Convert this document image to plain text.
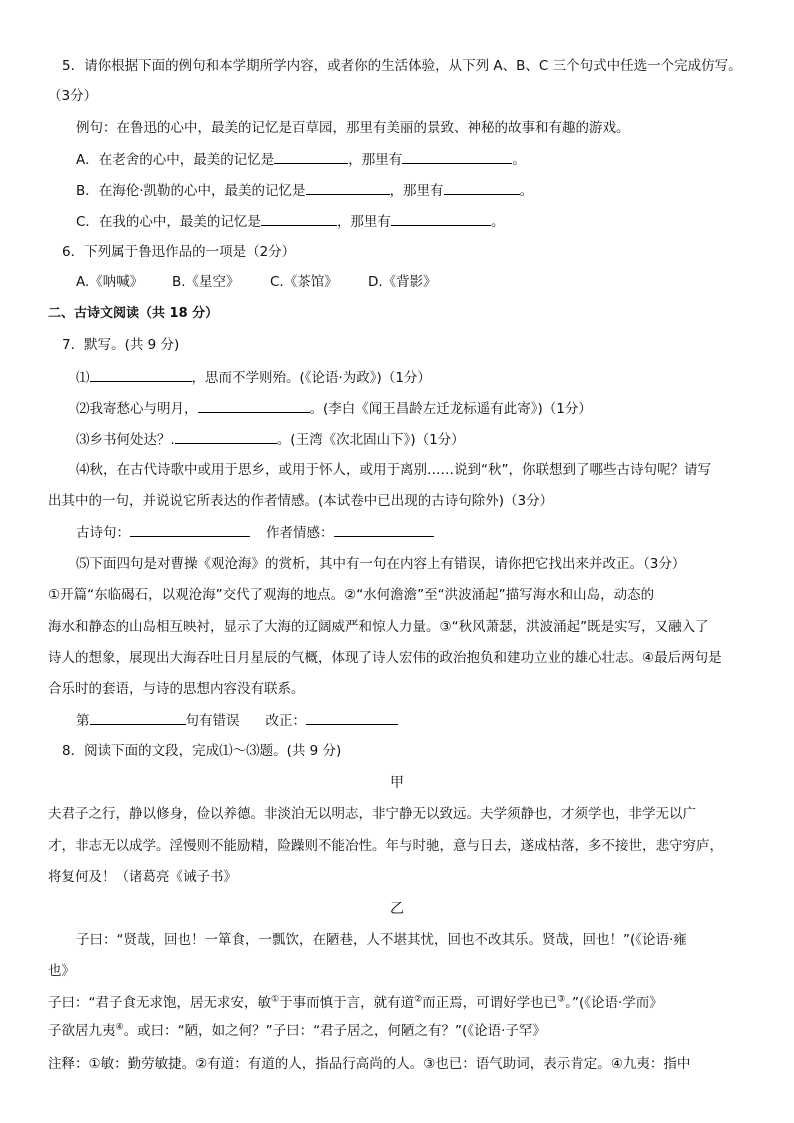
5．请你根据下面的例句和本学期所学内容，或者你的生活体验，从下列 A、B、C 三个句式中任选一个完成仿写。
（3分）
例句：在鲁迅的心中，最美的记忆是百草园，那里有美丽的景致、神秘的故事和有趣的游戏。
A．在老舍的心中，最美的记忆是	，那里有	。
B．在海伦·凯勒的心中，最美的记忆是	，那里有	。
C．在我的心中，最美的记忆是	，那里有	。
6．下列属于鲁迅作品的一项是（2分）
A.《呐喊》 B.《星空》 C.《茶馆》 D.《背影》
二、古诗文阅读（共 18 分）
7．默写。(共 9 分)
⑴	，思而不学则殆。(《论语·为政》)（1分）
⑵我寄愁心与明月，	。(李白《闻王昌龄左迁龙标遥有此寄》)（1分）
⑶乡书何处达？.	。(王湾《次北固山下》)（1分）
⑷秋，在古代诗歌中或用于思乡，或用于怀人，或用于离别……说到“秋”，你联想到了哪些古诗句呢？请写
出其中的一句，并说说它所表达的作者情感。(本试卷中已出现的古诗句除外)（3分）
古诗句：	作者情感：
⑸下面四句是对曹操《观沧海》的赏析，其中有一句在内容上有错误，请你把它找出来并改正。（3分）
①开篇“东临碣石，以观沧海”交代了观海的地点。②“水何澹澹”至“洪波涌起”描写海水和山岛，动态的
海水和静态的山岛相互映衬，显示了大海的辽阔威严和惊人力量。③“秋风萧瑟，洪波涌起”既是实写，又融入了
诗人的想象，展现出大海吞吐日月星辰的气概，体现了诗人宏伟的政治抱负和建功立业的雄心壮志。④最后两句是
合乐时的套语，与诗的思想内容没有联系。
第	句有错误 改正：
8．阅读下面的文段，完成⑴～⑶题。(共 9 分)
甲
夫君子之行，静以修身，俭以养德。非淡泊无以明志，非宁静无以致远。夫学须静也，才须学也，非学无以广
才，非志无以成学。淫慢则不能励精，险躁则不能冶性。年与时驰，意与日去，遂成枯落，多不接世，悲守穷庐，
将复何及！（诸葛亮《诫子书》
乙
子曰：“贤哉，回也！一箪食，一瓢饮，在陋巷，人不堪其忧，回也不改其乐。贤哉，回也！”(《论语·雍
也》
子曰：“君子食无求饱，居无求安，敏①于事而慎于言，就有道②而正焉，可谓好学也已③。”(《论语·学而》
子欲居九夷④。或曰：“陋，如之何？”子曰：“君子居之，何陋之有？”(《论语·子罕》
注释：①敏：勤劳敏捷。②有道：有道的人，指品行高尚的人。③也已：语气助词，表示肯定。④九夷：指中
